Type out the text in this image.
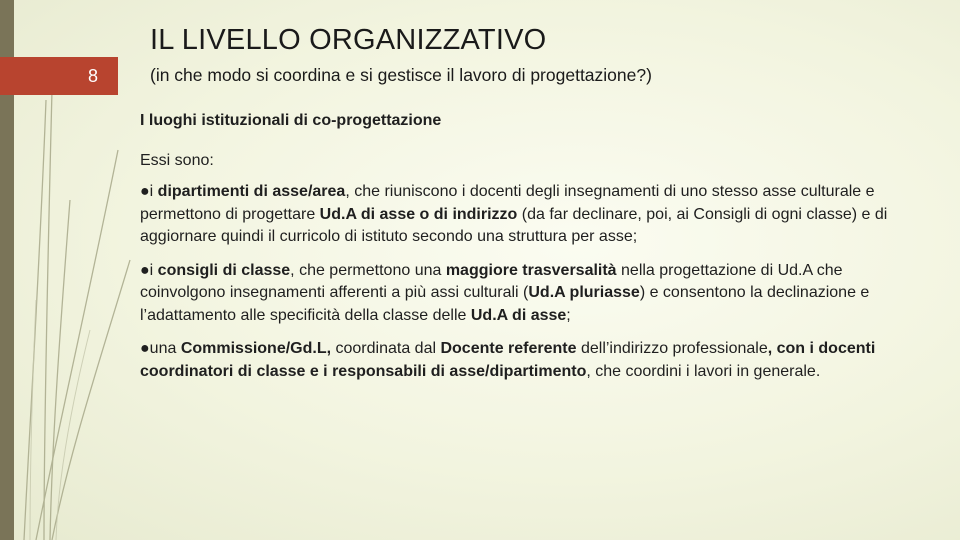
8
IL LIVELLO ORGANIZZATIVO
(in che modo si coordina e si gestisce il lavoro di progettazione?)

I luoghi istituzionali di co-progettazione

Essi sono:

●i dipartimenti di asse/area, che riuniscono i docenti degli insegnamenti di uno stesso asse culturale e permettono di progettare Ud.A di asse o di indirizzo (da far declinare, poi, ai Consigli di ogni classe) e di aggiornare quindi il curricolo di istituto secondo una struttura per asse;

●i consigli di classe, che permettono una maggiore trasversalità nella progettazione di Ud.A che coinvolgono insegnamenti afferenti a più assi culturali (Ud.A pluriasse) e consentono la declinazione e l’adattamento alle specificità della classe delle Ud.A di asse;

●una Commissione/Gd.L, coordinata dal Docente referente dell’indirizzo professionale, con i docenti coordinatori di classe e i responsabili di asse/dipartimento, che coordini i lavori in generale.
